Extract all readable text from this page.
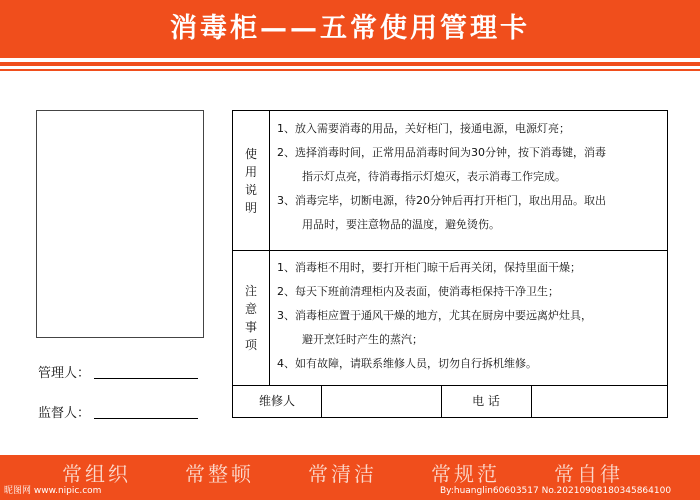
消毒柜——五常使用管理卡
管理人：
监督人：
使
用
说
明
1、放入需要消毒的用品，关好柜门，接通电源，电源灯亮；
2、选择消毒时间，正常用品消毒时间为30分钟，按下消毒键，消毒
指示灯点亮，待消毒指示灯熄灭，表示消毒工作完成。
3、消毒完毕，切断电源，待20分钟后再打开柜门，取出用品。取出
用品时，要注意物品的温度，避免烫伤。
注
意
事
项
1、消毒柜不用时，要打开柜门晾干后再关闭，保持里面干燥；
2、每天下班前清理柜内及表面，使消毒柜保持干净卫生；
3、消毒柜应置于通风干燥的地方，尤其在厨房中要远离炉灶具，
避开烹饪时产生的蒸汽；
4、如有故障，请联系维修人员，切勿自行拆机维修。
维修人	电 话
常组织	常整顿	常清洁	常规范	常自律
昵图网 www.nipic.com	By:huanglin60603517 No.20210908180345864100
